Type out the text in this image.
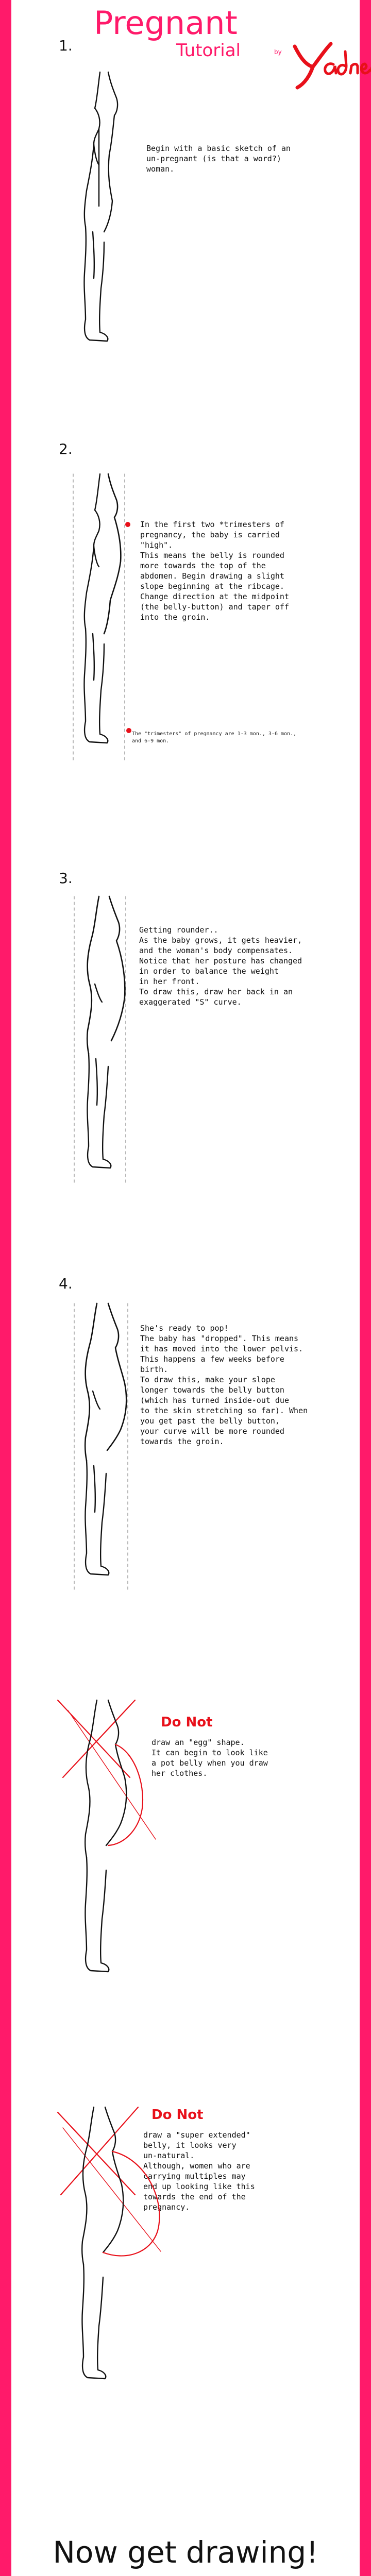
Pregnant
Tutorial	by
1.
Begin with a basic sketch of an
un-pregnant (is that a word?)
woman.
2.
In the first two *trimesters of
pregnancy, the baby is carried
"high".
This means the belly is rounded
more towards the top of the
abdomen. Begin drawing a slight
slope beginning at the ribcage.
Change direction at the midpoint
(the belly-button) and taper off
into the groin.
The "trimesters" of pregnancy are 1-3 mon., 3-6 mon.,
and 6-9 mon.
3.
Getting rounder..
As the baby grows, it gets heavier,
and the woman's body compensates.
Notice that her posture has changed
in order to balance the weight
in her front.
To draw this, draw her back in an
exaggerated "S" curve.
4.
She's ready to pop!
The baby has "dropped". This means
it has moved into the lower pelvis.
This happens a few weeks before
birth.
To draw this, make your slope
longer towards the belly button
(which has turned inside-out due
to the skin stretching so far). When
you get past the belly button,
your curve will be more rounded
towards the groin.
Do Not
draw an "egg" shape.
It can begin to look like
a pot belly when you draw
her clothes.
Do Not
draw a "super extended"
belly, it looks very
un-natural.
Although, women who are
carrying multiples may
end up looking like this
towards the end of the
pregnancy.
Now get drawing!
